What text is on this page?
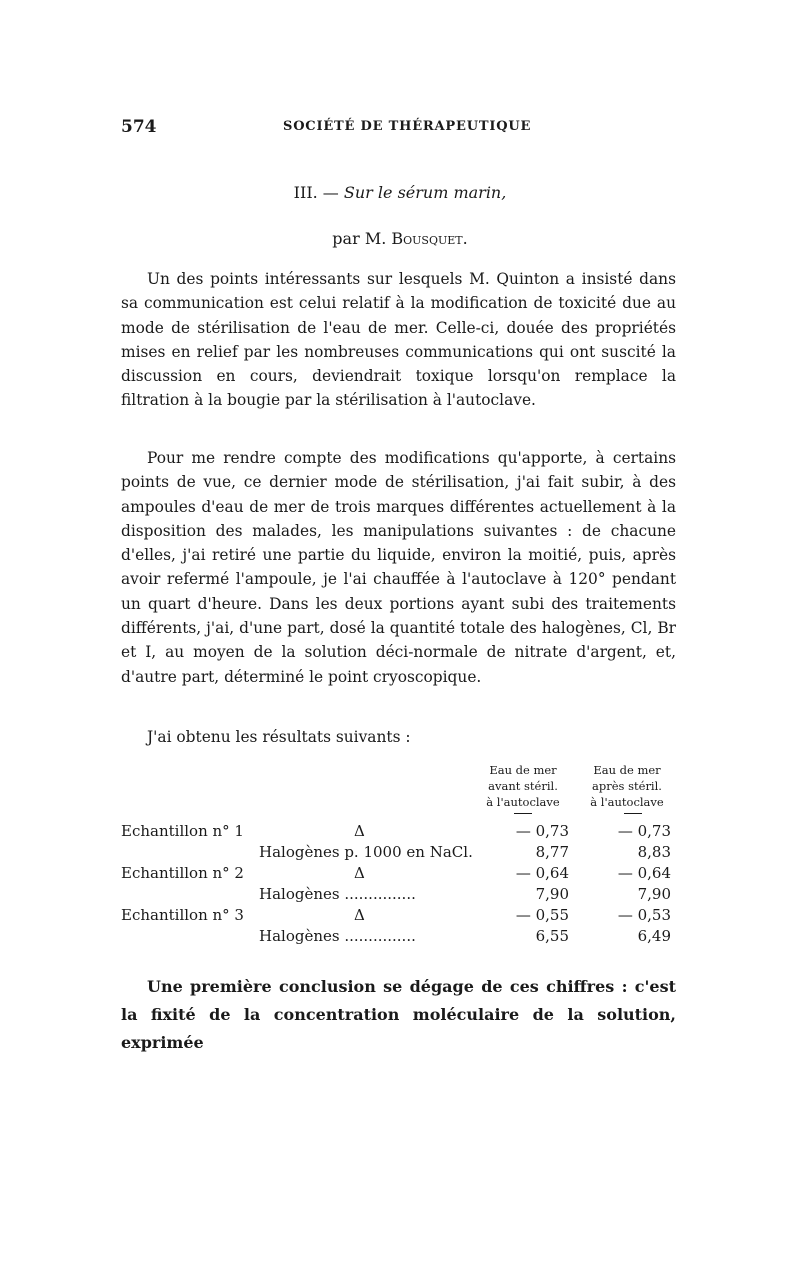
574	SOCIÉTÉ DE THÉRAPEUTIQUE
III. — Sur le sérum marin,
par M. Bousquet.

Un des points intéressants sur lesquels M. Quinton a insisté dans sa communication est celui relatif à la modification de toxicité due au mode de stérilisation de l'eau de mer. Celle-ci, douée des propriétés mises en relief par les nombreuses communications qui ont suscité la discussion en cours, deviendrait toxique lorsqu'on remplace la filtration à la bougie par la stérilisation à l'autoclave.

Pour me rendre compte des modifications qu'apporte, à certains points de vue, ce dernier mode de stérilisation, j'ai fait subir, à des ampoules d'eau de mer de trois marques différentes actuellement à la disposition des malades, les manipulations suivantes : de chacune d'elles, j'ai retiré une partie du liquide, environ la moitié, puis, après avoir refermé l'ampoule, je l'ai chauffée à l'autoclave à 120° pendant un quart d'heure. Dans les deux portions ayant subi des traitements différents, j'ai, d'une part, dosé la quantité totale des halogènes, Cl, Br et I, au moyen de la solution déci-normale de nitrate d'argent, et, d'autre part, déterminé le point cryoscopique.

J'ai obtenu les résultats suivants :

Eau de mer
avant stéril.
à l'autoclave
Eau de mer
après stéril.
à l'autoclave
Echantillon n° 1	Δ	— 0,73	— 0,73
Halogènes p. 1000 en NaCl.	8,77	8,83
Echantillon n° 2	Δ	— 0,64	— 0,64
Halogènes ...............	7,90	7,90
Echantillon n° 3	Δ	— 0,55	— 0,53
Halogènes ...............	6,55	6,49

Une première conclusion se dégage de ces chiffres : c'est la fixité de la concentration moléculaire de la solution, exprimée
